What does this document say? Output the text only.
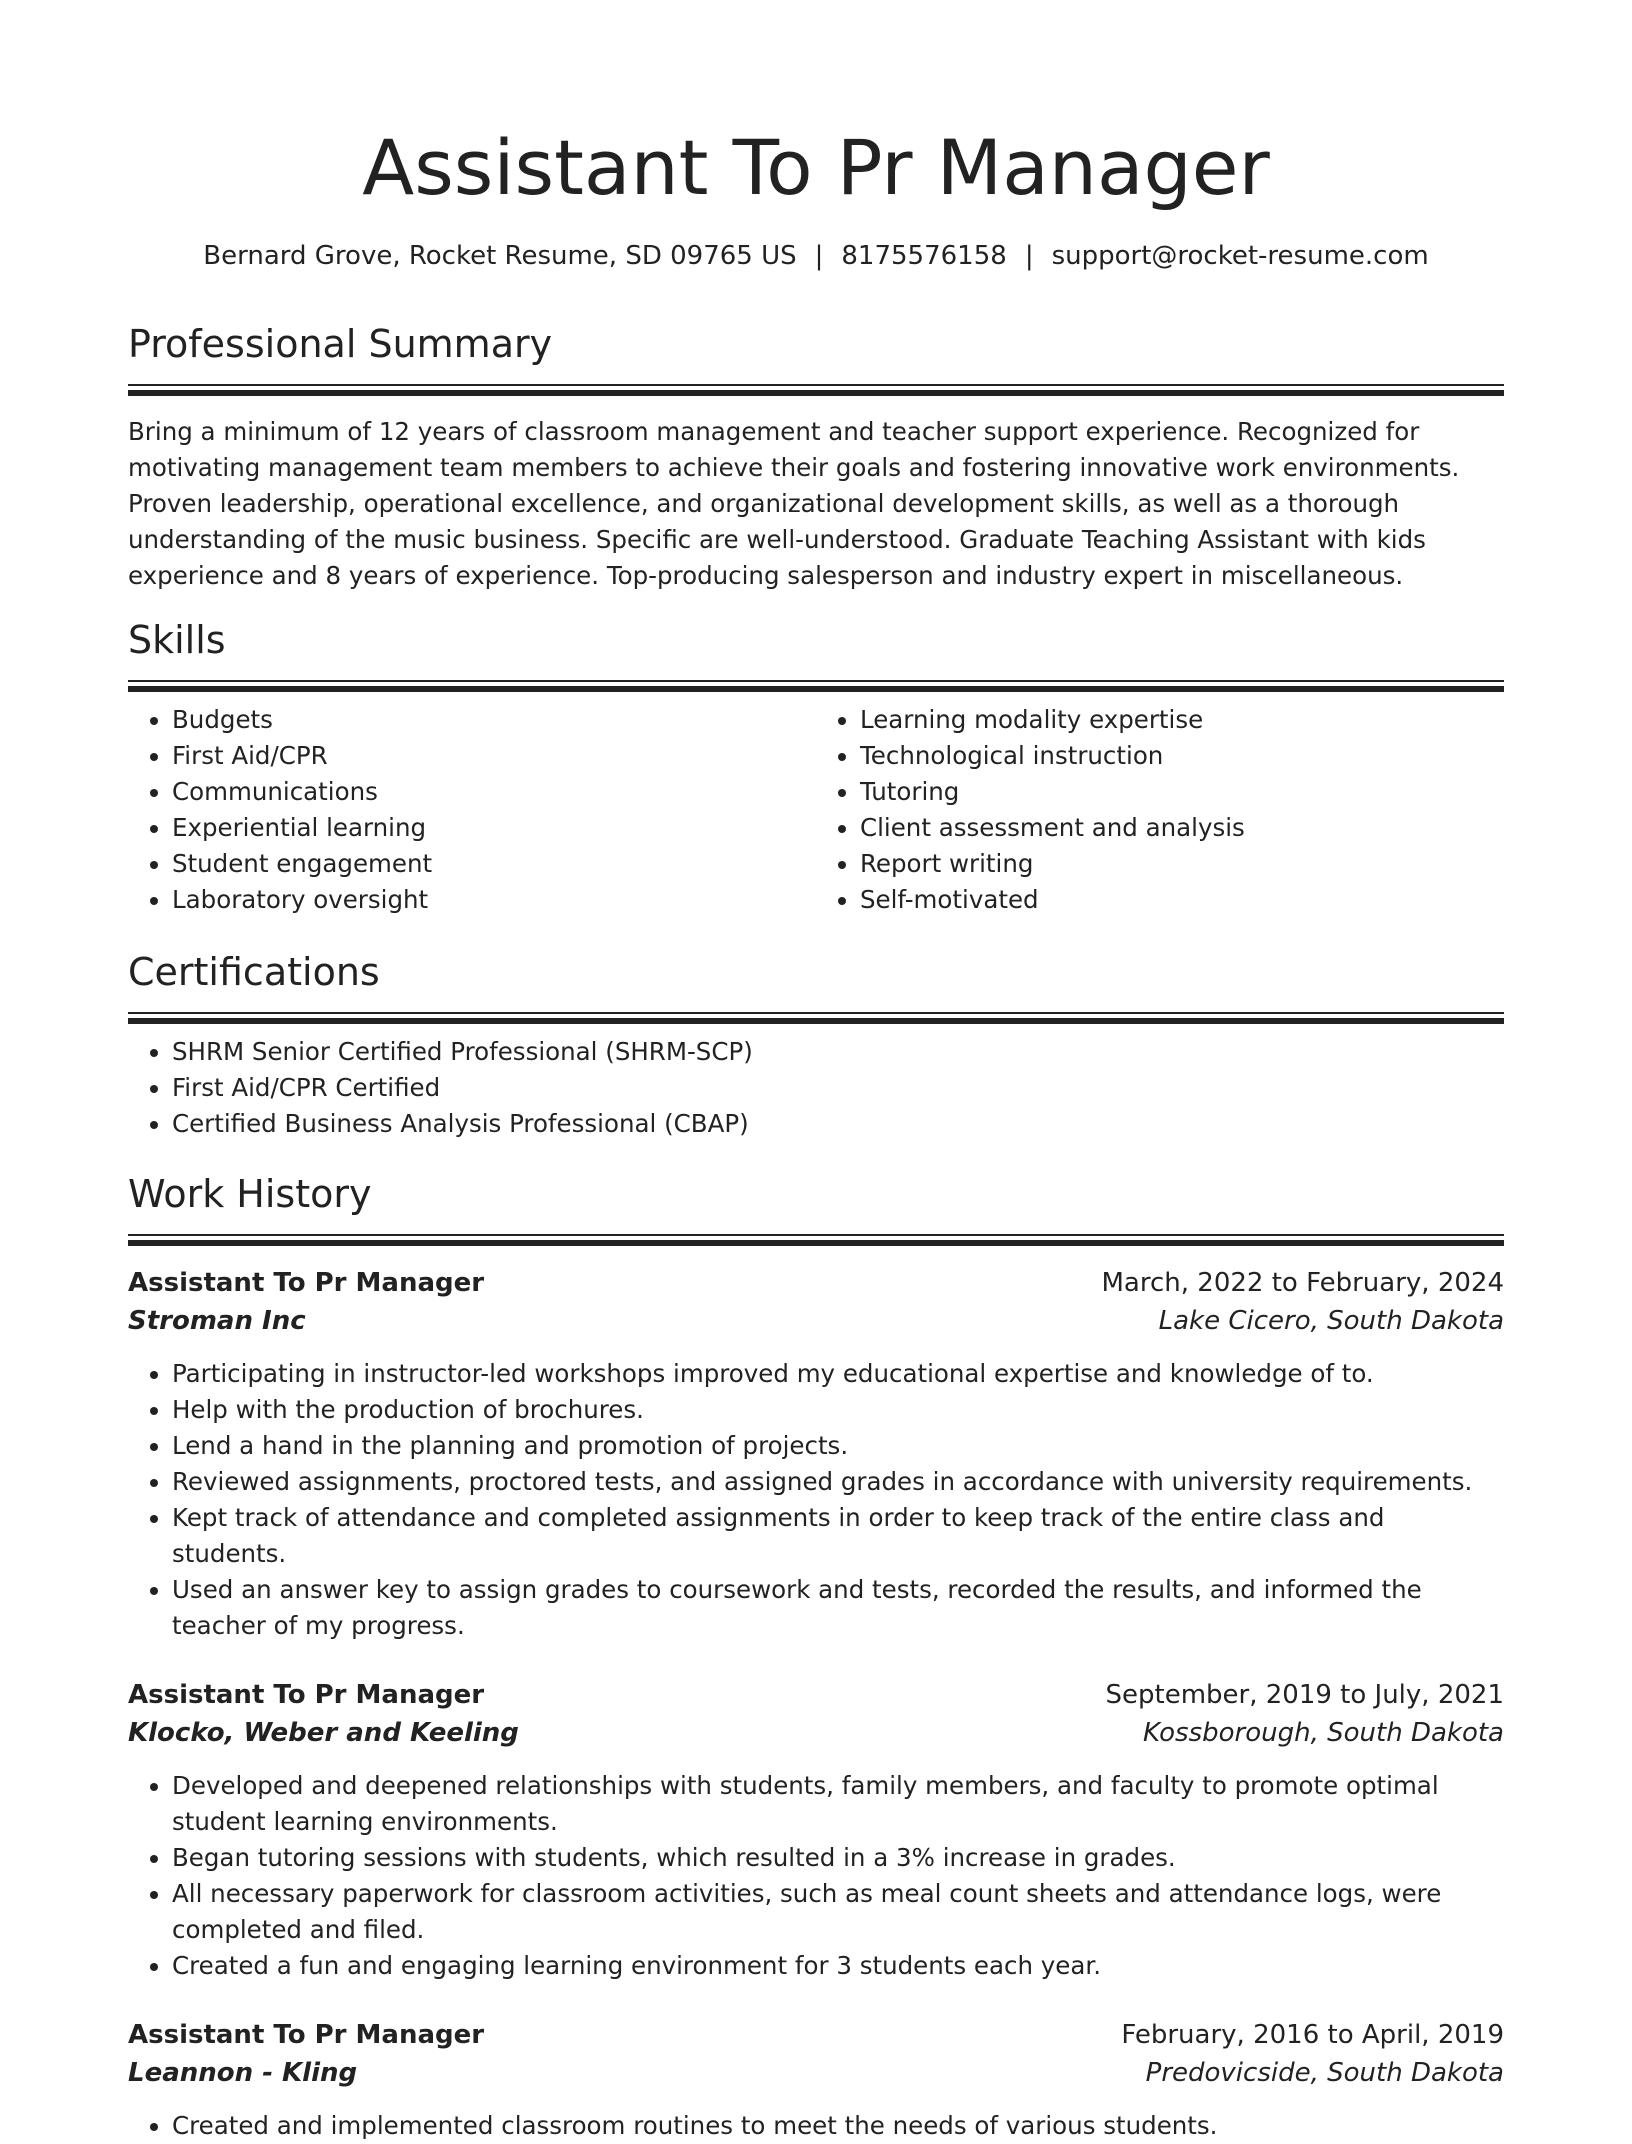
Assistant To Pr Manager
Bernard Grove, Rocket Resume, SD 09765 US | 8175576158 | support@rocket-resume.com
Professional Summary

Bring a minimum of 12 years of classroom management and teacher support experience. Recognized for motivating management team members to achieve their goals and fostering innovative work environments. Proven leadership, operational excellence, and organizational development skills, as well as a thorough understanding of the music business. Specific are well-understood. Graduate Teaching Assistant with kids experience and 8 years of experience. Top-producing salesperson and industry expert in miscellaneous.

Skills
• Budgets
• First Aid/CPR
• Communications
• Experiential learning
• Student engagement
• Laboratory oversight
• Learning modality expertise
• Technological instruction
• Tutoring
• Client assessment and analysis
• Report writing
• Self-motivated
Certifications
• SHRM Senior Certified Professional (SHRM-SCP)
• First Aid/CPR Certified
• Certified Business Analysis Professional (CBAP)
Work History
Assistant To Pr Manager	March, 2022 to February, 2024
Stroman Inc	Lake Cicero, South Dakota
• Participating in instructor-led workshops improved my educational expertise and knowledge of to.
• Help with the production of brochures.
• Lend a hand in the planning and promotion of projects.
• Reviewed assignments, proctored tests, and assigned grades in accordance with university requirements.
• Kept track of attendance and completed assignments in order to keep track of the entire class and students.
• Used an answer key to assign grades to coursework and tests, recorded the results, and informed the teacher of my progress.
Assistant To Pr Manager	September, 2019 to July, 2021
Klocko, Weber and Keeling	Kossborough, South Dakota
• Developed and deepened relationships with students, family members, and faculty to promote optimal student learning environments.
• Began tutoring sessions with students, which resulted in a 3% increase in grades.
• All necessary paperwork for classroom activities, such as meal count sheets and attendance logs, were completed and filed.
• Created a fun and engaging learning environment for 3 students each year.
Assistant To Pr Manager	February, 2016 to April, 2019
Leannon - Kling	Predovicside, South Dakota
• Created and implemented classroom routines to meet the needs of various students.
